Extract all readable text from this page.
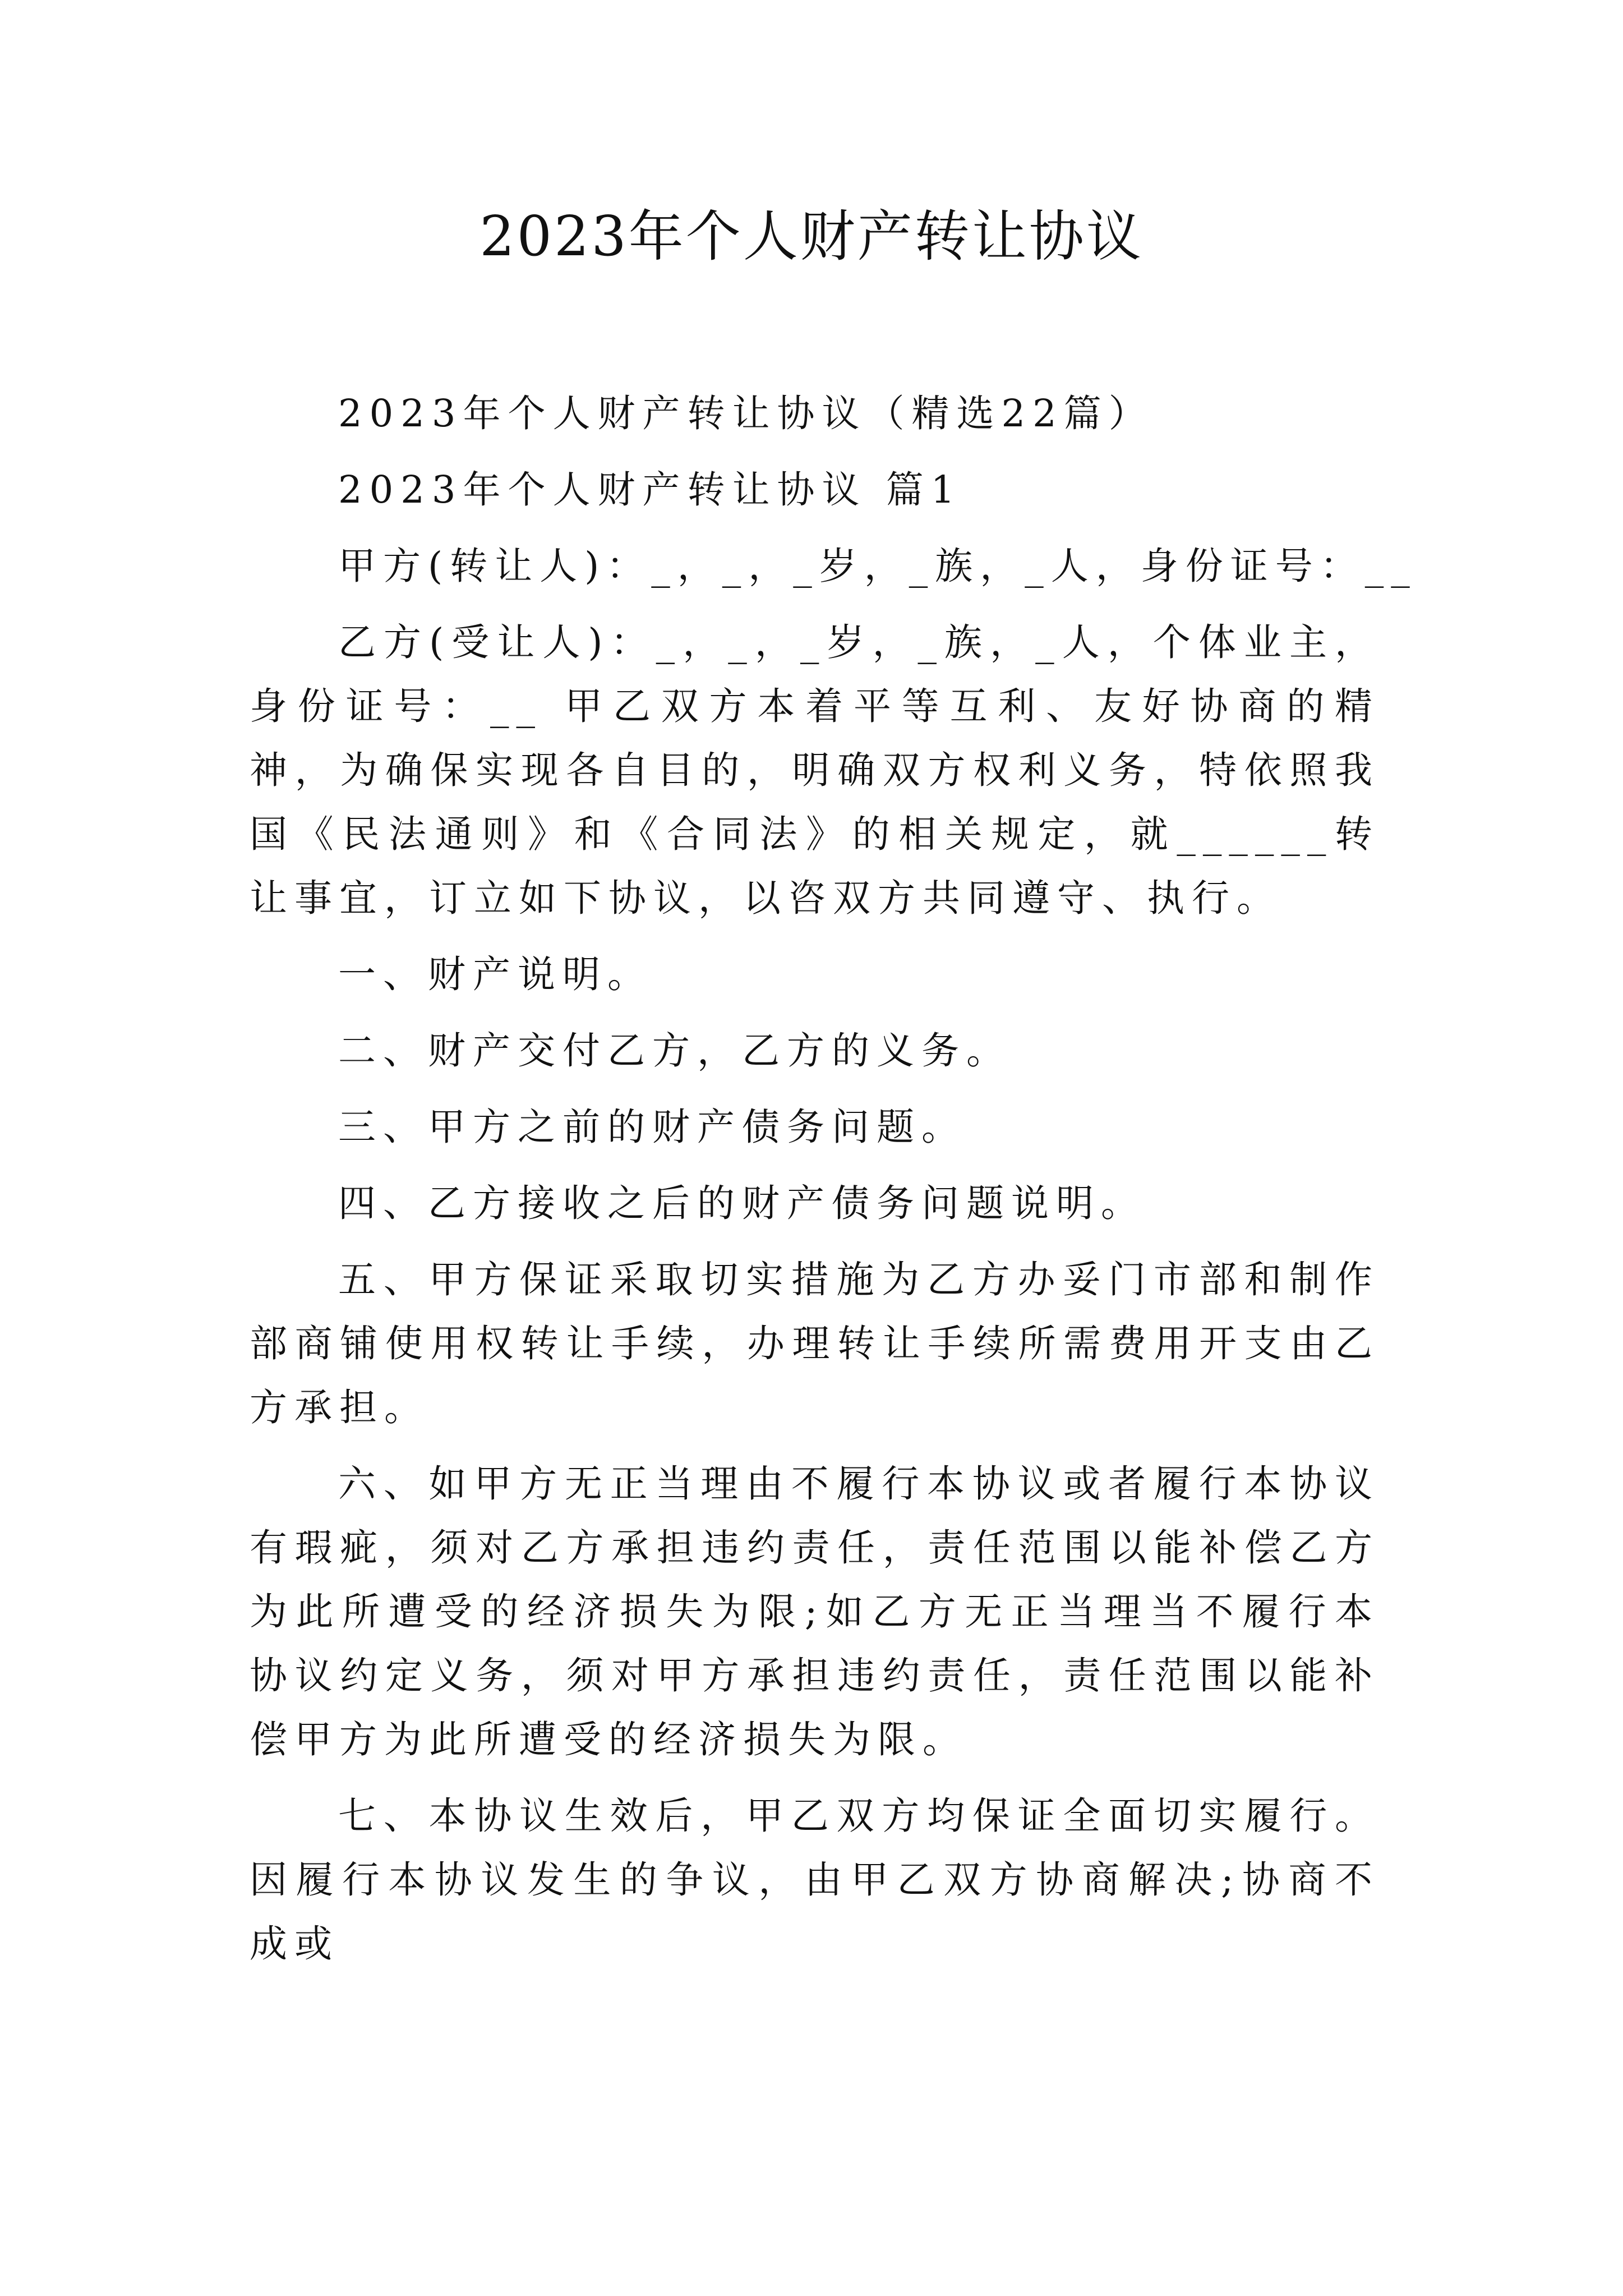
2023年个人财产转让协议

2023年个人财产转让协议（精选22篇）

2023年个人财产转让协议 篇1

甲方(转让人)：_，_，_岁，_族，_人，身份证号：__

乙方(受让人)：_，_，_岁，_族，_人，个体业主，身份证号：__ 甲乙双方本着平等互利、友好协商的精神，为确保实现各自目的，明确双方权利义务，特依照我国《民法通则》和《合同法》的相关规定，就______转让事宜，订立如下协议，以咨双方共同遵守、执行。

一、财产说明。

二、财产交付乙方，乙方的义务。

三、甲方之前的财产债务问题。

四、乙方接收之后的财产债务问题说明。

五、甲方保证采取切实措施为乙方办妥门市部和制作部商铺使用权转让手续，办理转让手续所需费用开支由乙方承担。

六、如甲方无正当理由不履行本协议或者履行本协议有瑕疵，须对乙方承担违约责任，责任范围以能补偿乙方为此所遭受的经济损失为限;如乙方无正当理当不履行本协议约定义务，须对甲方承担违约责任，责任范围以能补偿甲方为此所遭受的经济损失为限。

七、本协议生效后，甲乙双方均保证全面切实履行。因履行本协议发生的争议，由甲乙双方协商解决;协商不成或
